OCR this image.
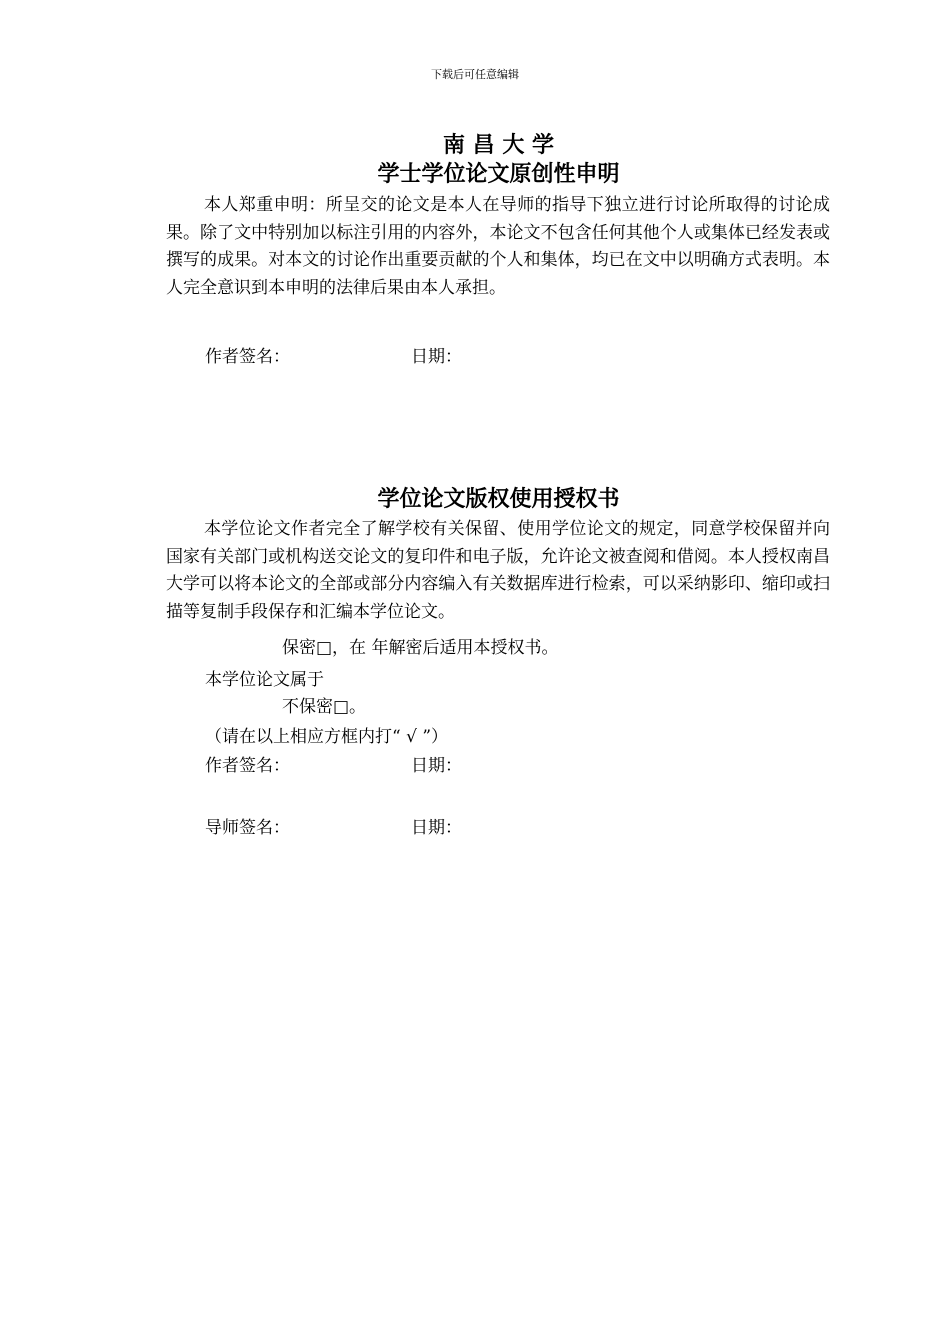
下载后可任意编辑
南 昌 大 学
学士学位论文原创性申明
本人郑重申明：所呈交的论文是本人在导师的指导下独立进行讨论所取得的讨论成果。除了文中特别加以标注引用的内容外，本论文不包含任何其他个人或集体已经发表或撰写的成果。对本文的讨论作出重要贡献的个人和集体，均已在文中以明确方式表明。本人完全意识到本申明的法律后果由本人承担。
作者签名：	日期：
学位论文版权使用授权书
本学位论文作者完全了解学校有关保留、使用学位论文的规定，同意学校保留并向国家有关部门或机构送交论文的复印件和电子版，允许论文被查阅和借阅。本人授权南昌大学可以将本论文的全部或部分内容编入有关数据库进行检索，可以采纳影印、缩印或扫描等复制手段保存和汇编本学位论文。
保密□，在 年解密后适用本授权书。
本学位论文属于
不保密□。
（请在以上相应方框内打“ √ ”）
作者签名：	日期：
导师签名：	日期：
